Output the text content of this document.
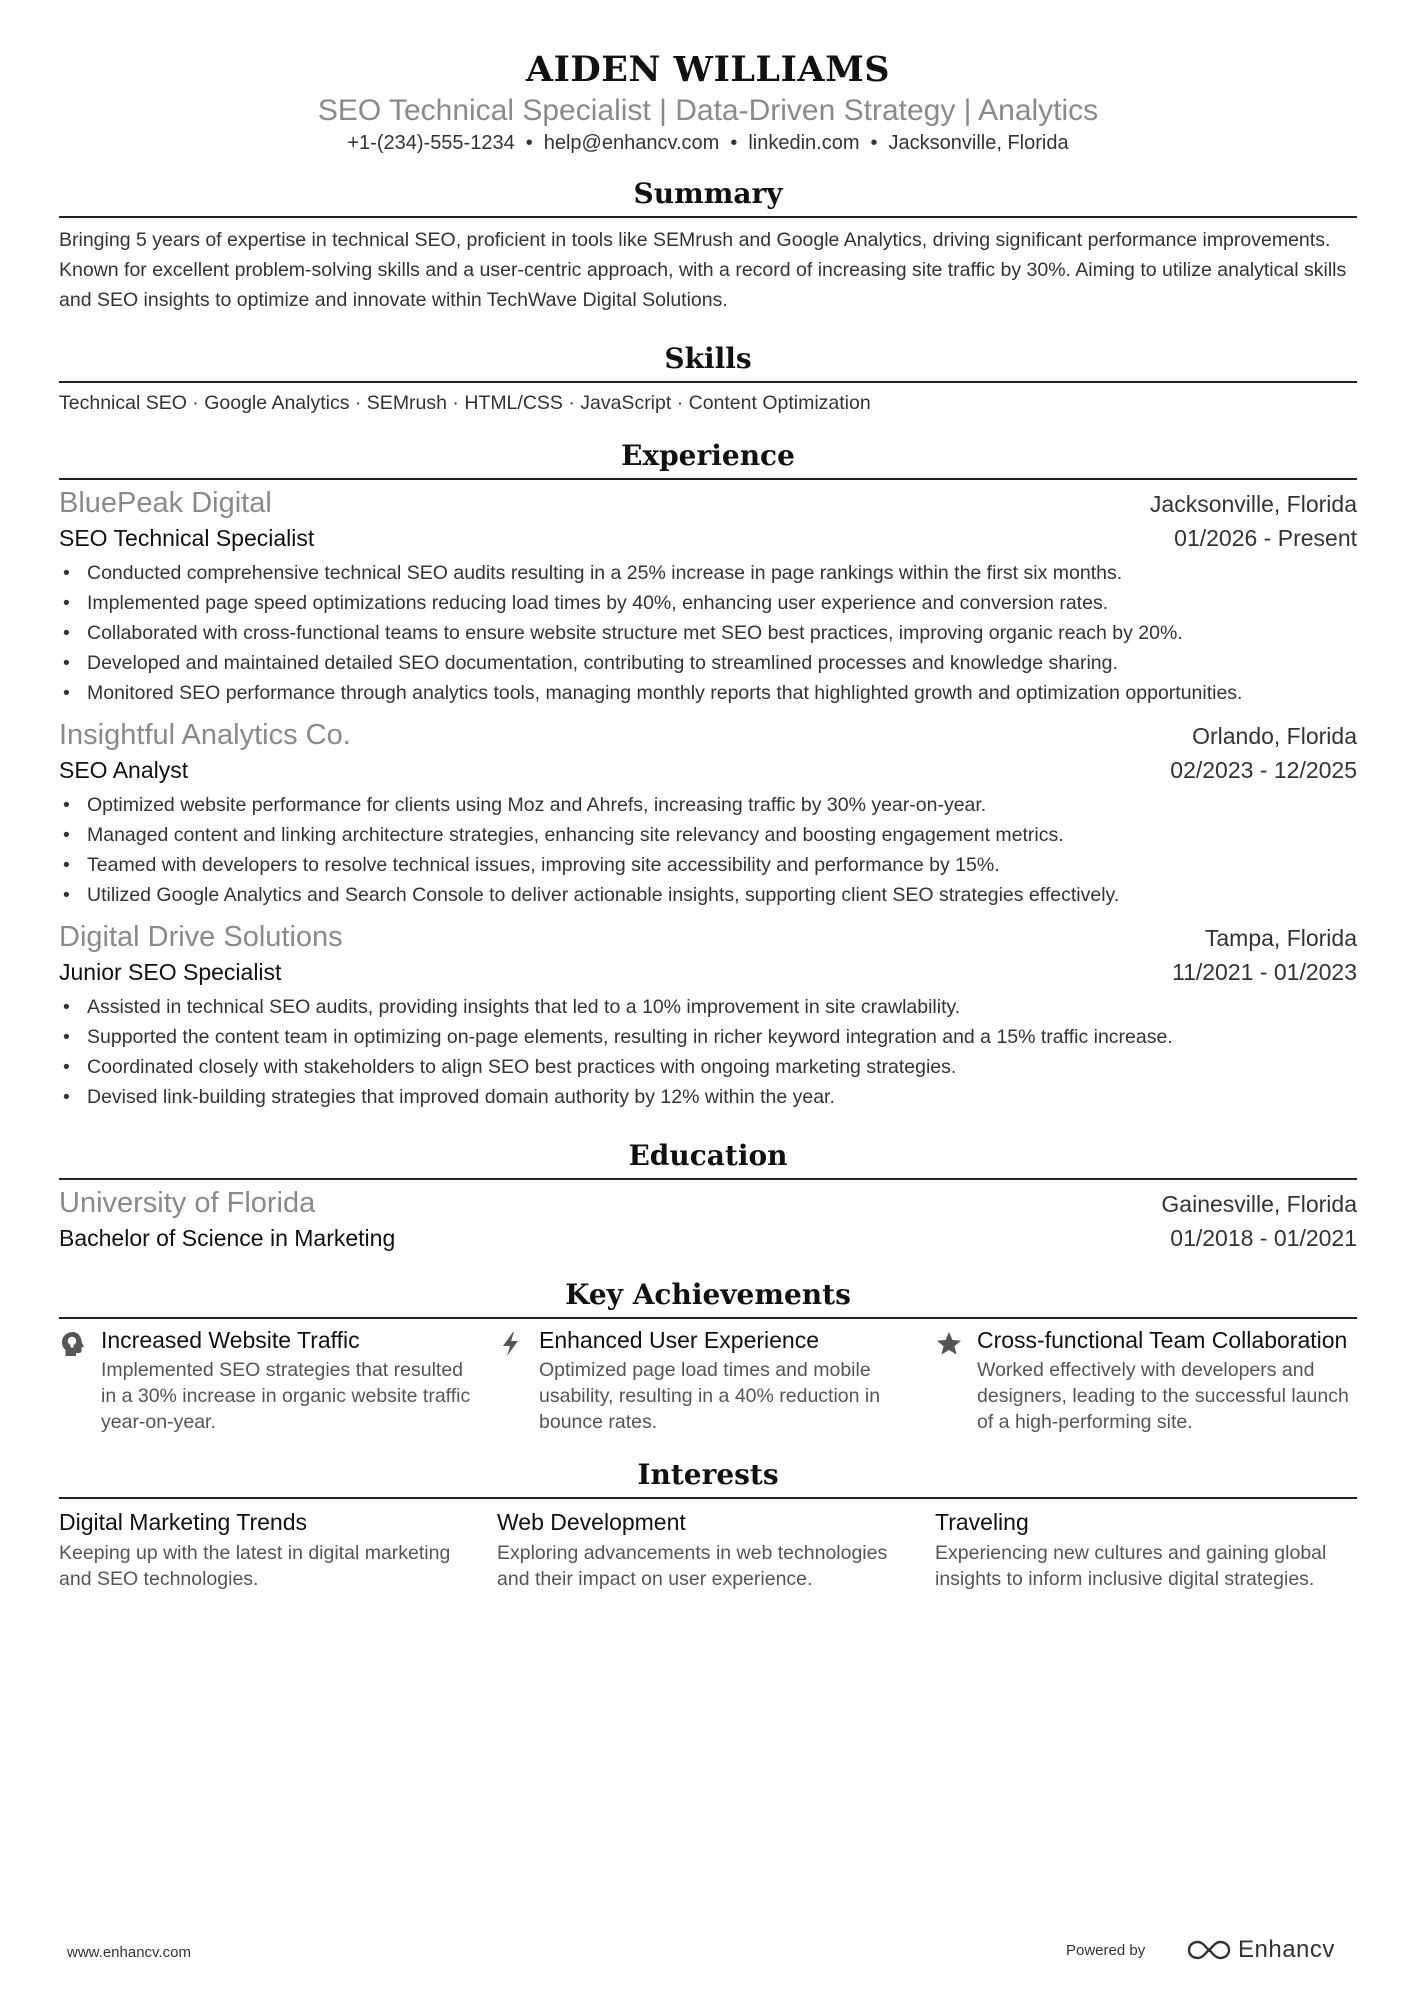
AIDEN WILLIAMS
SEO Technical Specialist | Data-Driven Strategy | Analytics
+1-(234)-555-1234 • help@enhancv.com • linkedin.com • Jacksonville, Florida
Summary
Bringing 5 years of expertise in technical SEO, proficient in tools like SEMrush and Google Analytics, driving significant performance improvements. Known for excellent problem-solving skills and a user-centric approach, with a record of increasing site traffic by 30%. Aiming to utilize analytical skills and SEO insights to optimize and innovate within TechWave Digital Solutions.
Skills
Technical SEO · Google Analytics · SEMrush · HTML/CSS · JavaScript · Content Optimization
Experience
BluePeak Digital	Jacksonville, Florida
SEO Technical Specialist	01/2026 - Present
• Conducted comprehensive technical SEO audits resulting in a 25% increase in page rankings within the first six months.
• Implemented page speed optimizations reducing load times by 40%, enhancing user experience and conversion rates.
• Collaborated with cross-functional teams to ensure website structure met SEO best practices, improving organic reach by 20%.
• Developed and maintained detailed SEO documentation, contributing to streamlined processes and knowledge sharing.
• Monitored SEO performance through analytics tools, managing monthly reports that highlighted growth and optimization opportunities.
Insightful Analytics Co.	Orlando, Florida
SEO Analyst	02/2023 - 12/2025
• Optimized website performance for clients using Moz and Ahrefs, increasing traffic by 30% year-on-year.
• Managed content and linking architecture strategies, enhancing site relevancy and boosting engagement metrics.
• Teamed with developers to resolve technical issues, improving site accessibility and performance by 15%.
• Utilized Google Analytics and Search Console to deliver actionable insights, supporting client SEO strategies effectively.
Digital Drive Solutions	Tampa, Florida
Junior SEO Specialist	11/2021 - 01/2023
• Assisted in technical SEO audits, providing insights that led to a 10% improvement in site crawlability.
• Supported the content team in optimizing on-page elements, resulting in richer keyword integration and a 15% traffic increase.
• Coordinated closely with stakeholders to align SEO best practices with ongoing marketing strategies.
• Devised link-building strategies that improved domain authority by 12% within the year.
Education
University of Florida	Gainesville, Florida
Bachelor of Science in Marketing	01/2018 - 01/2021
Key Achievements
Increased Website Traffic
Implemented SEO strategies that resulted in a 30% increase in organic website traffic year-on-year.
Enhanced User Experience
Optimized page load times and mobile usability, resulting in a 40% reduction in bounce rates.
Cross-functional Team Collaboration
Worked effectively with developers and designers, leading to the successful launch of a high-performing site.
Interests
Digital Marketing Trends
Keeping up with the latest in digital marketing and SEO technologies.
Web Development
Exploring advancements in web technologies and their impact on user experience.
Traveling
Experiencing new cultures and gaining global insights to inform inclusive digital strategies.
www.enhancv.com	Powered by	Enhancv
